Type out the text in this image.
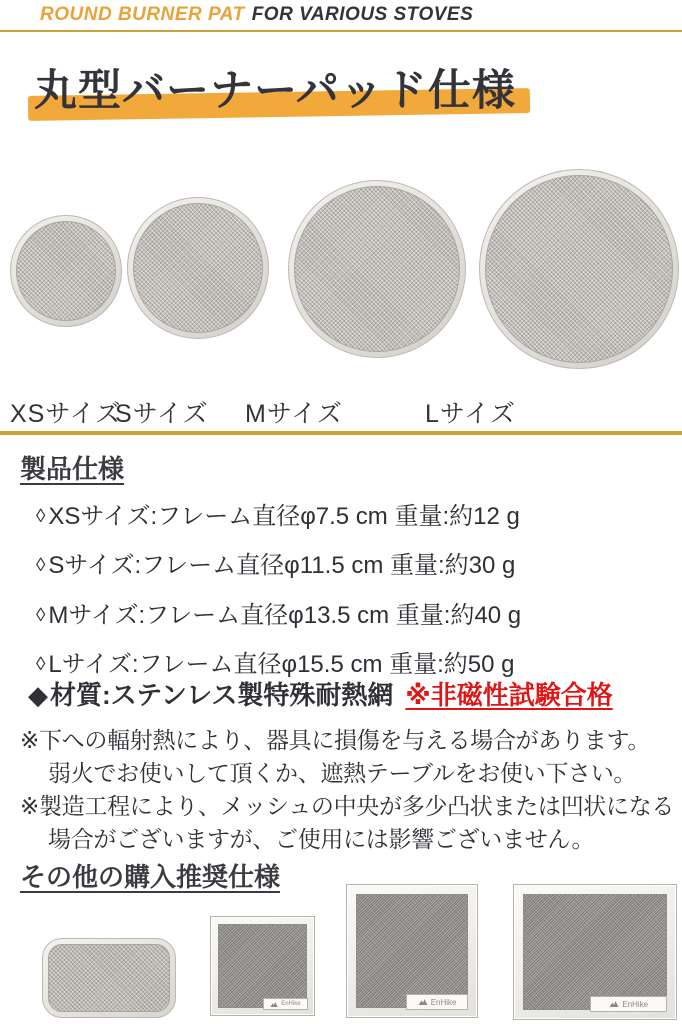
ROUND BURNER PAT FOR VARIOUS STOVES
丸型バーナーパッド仕様
XSサイズ
Sサイズ Mサイズ	Lサイズ
製品仕様
◊ XSサイズ:フレーム直径φ7.5 cm 重量:約12 g
◊ Sサイズ:フレーム直径φ11.5 cm 重量:約30 g
◊ Mサイズ:フレーム直径φ13.5 cm 重量:約40 g
◊ Lサイズ:フレーム直径φ15.5 cm 重量:約50 g
◆材質:ステンレス製特殊耐熱網 ※非磁性試験合格
※下への輻射熱により、器具に損傷を与える場合があります。
弱火でお使いして頂くか、遮熱テーブルをお使い下さい。
※製造工程により、メッシュの中央が多少凸状または凹状になる
場合がございますが、ご使用には影響ございません。
その他の購入推奨仕様
EnHike	EnHike	EnHike
